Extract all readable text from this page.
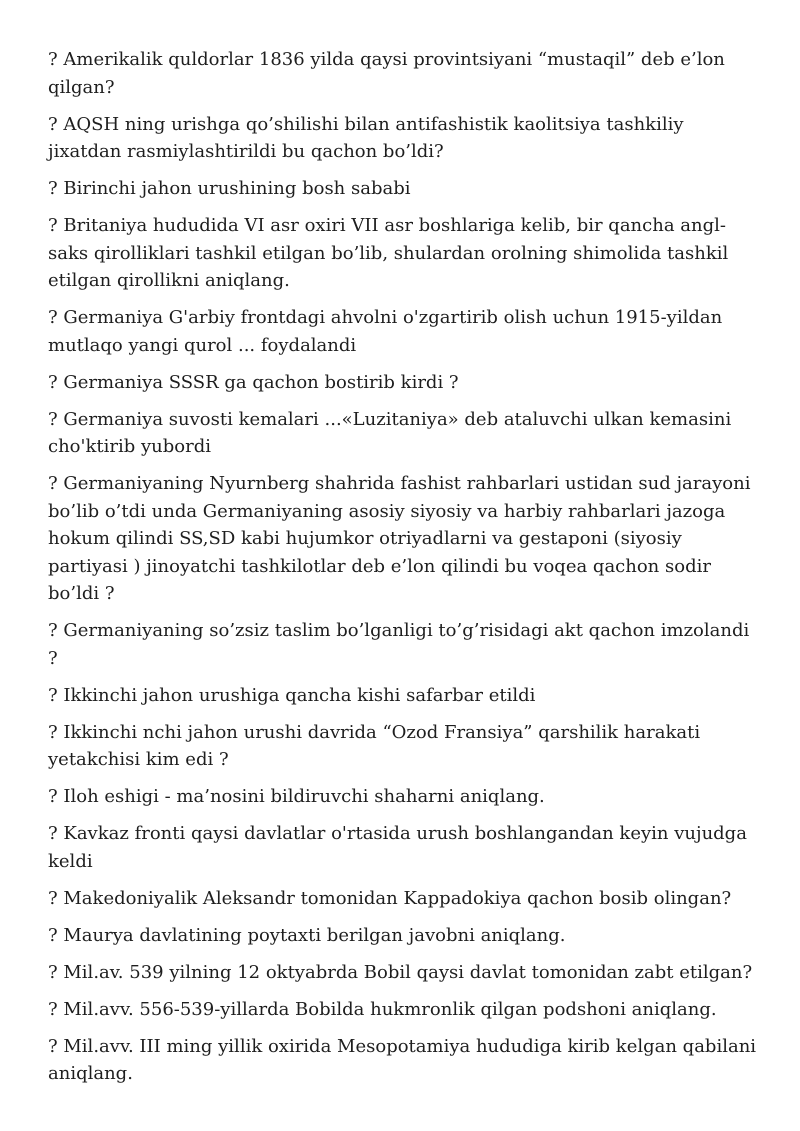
? Amerikalik quldorlar 1836 yilda qaysi provintsiyani “mustaqil” deb e’lon qilgan?

? AQSH ning urishga qo’shilishi bilan antifashistik kaolitsiya tashkiliy jixatdan rasmiylashtirildi bu qachon bo’ldi?

? Birinchi jahon urushining bosh sababi

? Britaniya hududida VI asr oxiri VII asr boshlariga kelib, bir qancha angl-saks qirolliklari tashkil etilgan bo’lib, shulardan orolning shimolida tashkil etilgan qirollikni aniqlang.

? Germaniya G'arbiy frontdagi ahvolni o'zgartirib olish uchun 1915-yildan mutlaqo yangi qurol ... foydalandi

? Germaniya SSSR ga qachon bostirib kirdi ?

? Germaniya suvosti kemalari ...«Luzitaniya» deb ataluvchi ulkan kemasini cho'ktirib yubordi

? Germaniyaning Nyurnberg shahrida fashist rahbarlari ustidan sud jarayoni bo’lib o’tdi unda Germaniyaning asosiy siyosiy va harbiy rahbarlari jazoga hokum qilindi SS,SD kabi hujumkor otriyadlarni va gestaponi (siyosiy partiyasi ) jinoyatchi tashkilotlar deb e’lon qilindi bu voqea qachon sodir bo’ldi ?

? Germaniyaning so’zsiz taslim bo’lganligi to’g’risidagi akt qachon imzolandi ?

? Ikkinchi jahon urushiga qancha kishi safarbar etildi

? Ikkinchi nchi jahon urushi davrida “Ozod Fransiya” qarshilik harakati yetakchisi kim edi ?

? Iloh eshigi - ma’nosini bildiruvchi shaharni aniqlang.

? Kavkaz fronti qaysi davlatlar o'rtasida urush boshlangandan keyin vujudga keldi

? Makedoniyalik Aleksandr tomonidan Kappadokiya qachon bosib olingan?

? Maurya davlatining poytaxti berilgan javobni aniqlang.

? Mil.av. 539 yilning 12 oktyabrda Bobil qaysi davlat tomonidan zabt etilgan?

? Mil.avv. 556-539-yillarda Bobilda hukmronlik qilgan podshoni aniqlang.

? Mil.avv. III ming yillik oxirida Mesopotamiya hududiga kirib kelgan qabilani aniqlang.
